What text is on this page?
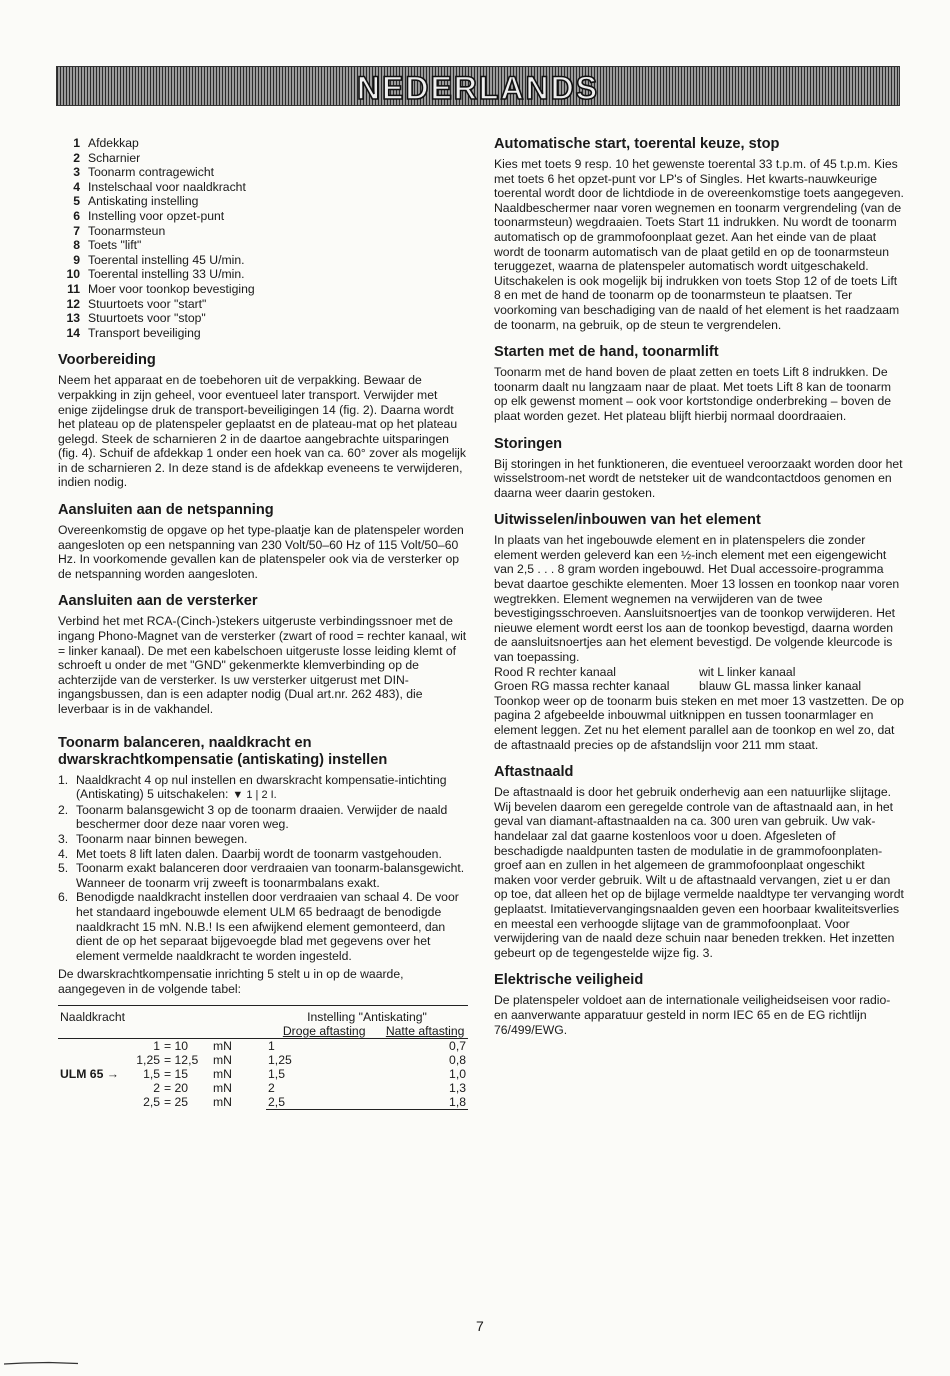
NEDERLANDS
1 Afdekkap
2 Scharnier
3 Toonarm contragewicht
4 Instelschaal voor naaldkracht
5 Antiskating instelling
6 Instelling voor opzet-punt
7 Toonarmsteun
8 Toets "lift"
9 Toerental instelling 45 U/min.
10 Toerental instelling 33 U/min.
11 Moer voor toonkop bevestiging
12 Stuurtoets voor "start"
13 Stuurtoets voor "stop"
14 Transport beveiliging
Voorbereiding

Neem het apparaat en de toebehoren uit de verpakking. Bewaar de verpakking in zijn geheel, voor eventueel later transport. Verwijder met enige zijdelingse druk de transport-beveiligingen 14 (fig. 2). Daarna wordt het plateau op de platenspeler geplaatst en de plateau-mat op het plateau gelegd. Steek de scharnieren 2 in de daartoe aangebrachte uitsparingen (fig. 4). Schuif de afdekkap 1 onder een hoek van ca. 60° zover als mogelijk in de scharnieren 2. In deze stand is de afdekkap eveneens te verwijderen, indien nodig.

Aansluiten aan de netspanning

Overeenkomstig de opgave op het type-plaatje kan de platenspeler worden aangesloten op een netspanning van 230 Volt/50–60 Hz of 115 Volt/50–60 Hz. In voorkomende gevallen kan de platenspeler ook via de versterker op de netspanning worden aangesloten.

Aansluiten aan de versterker

Verbind het met RCA-(Cinch-)stekers uitgeruste verbindingssnoer met de ingang Phono-Magnet van de versterker (zwart of rood = rechter kanaal, wit = linker kanaal). De met een kabelschoen uitgeruste losse leiding klemt of schroeft u onder de met "GND" gekenmerkte klemverbinding op de achterzijde van de versterker. Is uw versterker uitgerust met DIN-ingangsbussen, dan is een adapter nodig (Dual art.nr. 262 483), die leverbaar is in de vakhandel.

Toonarm balanceren, naaldkracht en dwarskrachtkompensatie (antiskating) instellen
1. Naaldkracht 4 op nul instellen en dwarskracht kompensatie-intichting (Antiskating) 5 uitschakelen: ▼ 1 | 2 I.
2. Toonarm balansgewicht 3 op de toonarm draaien. Verwijder de naald beschermer door deze naar voren weg.
3. Toonarm naar binnen bewegen.
4. Met toets 8 lift laten dalen. Daarbij wordt de toonarm vastgehouden.
5. Toonarm exakt balanceren door verdraaien van toonarm-balansgewicht. Wanneer de toonarm vrij zweeft is toonarmbalans exakt.
6. Benodigde naaldkracht instellen door verdraaien van schaal 4. De voor het standaard ingebouwde element ULM 65 bedraagt de benodigde naaldkracht 15 mN. N.B.! Is een afwijkend element gemonteerd, dan dient de op het separaat bijgevoegde blad met gegevens over het element vermelde naaldkracht te worden ingesteld.

De dwarskrachtkompensatie inrichting 5 stelt u in op de waarde, aangegeven in de volgende tabel:

Naaldkracht				Instelling "Antiskating"	
				Droge aftasting	Natte aftasting
	1	= 10	mN	1	0,7
	1,25	= 12,5	mN	1,25	0,8
ULM 65 →	1,5	= 15	mN	1,5	1,0
	2	= 20	mN	2	1,3
	2,5	= 25	mN	2,5	1,8
Automatische start, toerental keuze, stop

Kies met toets 9 resp. 10 het gewenste toerental 33 t.p.m. of 45 t.p.m. Kies met toets 6 het opzet-punt vor LP's of Singles. Het kwarts-nauwkeurige toerental wordt door de lichtdiode in de overeenkomstige toets aangegeven. Naaldbeschermer naar voren wegnemen en toonarm vergrendeling (van de toonarmsteun) wegdraaien. Toets Start 11 indrukken. Nu wordt de toonarm automatisch op de grammofoonplaat gezet. Aan het einde van de plaat wordt de toonarm automatisch van de plaat getild en op de toonarmsteun teruggezet, waarna de platenspeler automatisch wordt uitgeschakeld. Uitschakelen is ook mogelijk bij indrukken von toets Stop 12 of de toets Lift 8 en met de hand de toonarm op de toonarmsteun te plaatsen. Ter voorkoming van beschadiging van de naald of het element is het raadzaam de toonarm, na gebruik, op de steun te vergrendelen.

Starten met de hand, toonarmlift

Toonarm met de hand boven de plaat zetten en toets Lift 8 indrukken. De toonarm daalt nu langzaam naar de plaat. Met toets Lift 8 kan de toonarm op elk gewenst moment – ook voor kortstondige onderbreking – boven de plaat worden gezet. Het plateau blijft hierbij normaal doordraaien.

Storingen

Bij storingen in het funktioneren, die eventueel veroorzaakt worden door het wisselstroom-net wordt de netsteker uit de wandcontactdoos genomen en daarna weer daarin gestoken.

Uitwisselen/inbouwen van het element

In plaats van het ingebouwde element en in platenspelers die zonder element werden geleverd kan een ½-inch element met een eigengewicht van 2,5 . . . 8 gram worden ingebouwd. Het Dual accessoire-programma bevat daartoe geschikte elementen. Moer 13 lossen en toonkop naar voren wegtrekken. Element wegnemen na verwijderen van de twee bevestigingsschroeven. Aansluitsnoertjes van de toonkop verwijderen. Het nieuwe element wordt eerst los aan de toonkop bevestigd, daarna worden de aansluitsnoertjes aan het element bevestigd. De volgende kleurcode is van toepassing.

Rood R rechter kanaal	wit L linker kanaal
Groen RG massa rechter kanaal	blauw GL massa linker kanaal

Toonkop weer op de toonarm buis steken en met moer 13 vastzetten. De op pagina 2 afgebeelde inbouwmal uitknippen en tussen toonarmlager en element leggen. Zet nu het element parallel aan de toonkop en wel zo, dat de aftastnaald precies op de afstandslijn voor 211 mm staat.

Aftastnaald

De aftastnaald is door het gebruik onderhevig aan een natuurlijke slijtage. Wij bevelen daarom een geregelde controle van de aftastnaald aan, in het geval van diamant-aftastnaalden na ca. 300 uren van gebruik. Uw vak-handelaar zal dat gaarne kostenloos voor u doen. Afgesleten of beschadigde naaldpunten tasten de modulatie in de grammofoonplaten-groef aan en zullen in het algemeen de grammofoonplaat ongeschikt maken voor verder gebruik. Wilt u de aftastnaald vervangen, ziet u er dan op toe, dat alleen het op de bijlage vermelde naaldtype ter vervanging wordt geplaatst. Imitatievervangingsnaalden geven een hoorbaar kwaliteitsverlies en meestal een verhoogde slijtage van de grammofoonplaat. Voor verwijdering van de naald deze schuin naar beneden trekken. Het inzetten gebeurt op de tegengestelde wijze fig. 3.

Elektrische veiligheid

De platenspeler voldoet aan de internationale veiligheidseisen voor radio- en aanverwante apparatuur gesteld in norm IEC 65 en de EG richtlijn 76/499/EWG.

7
